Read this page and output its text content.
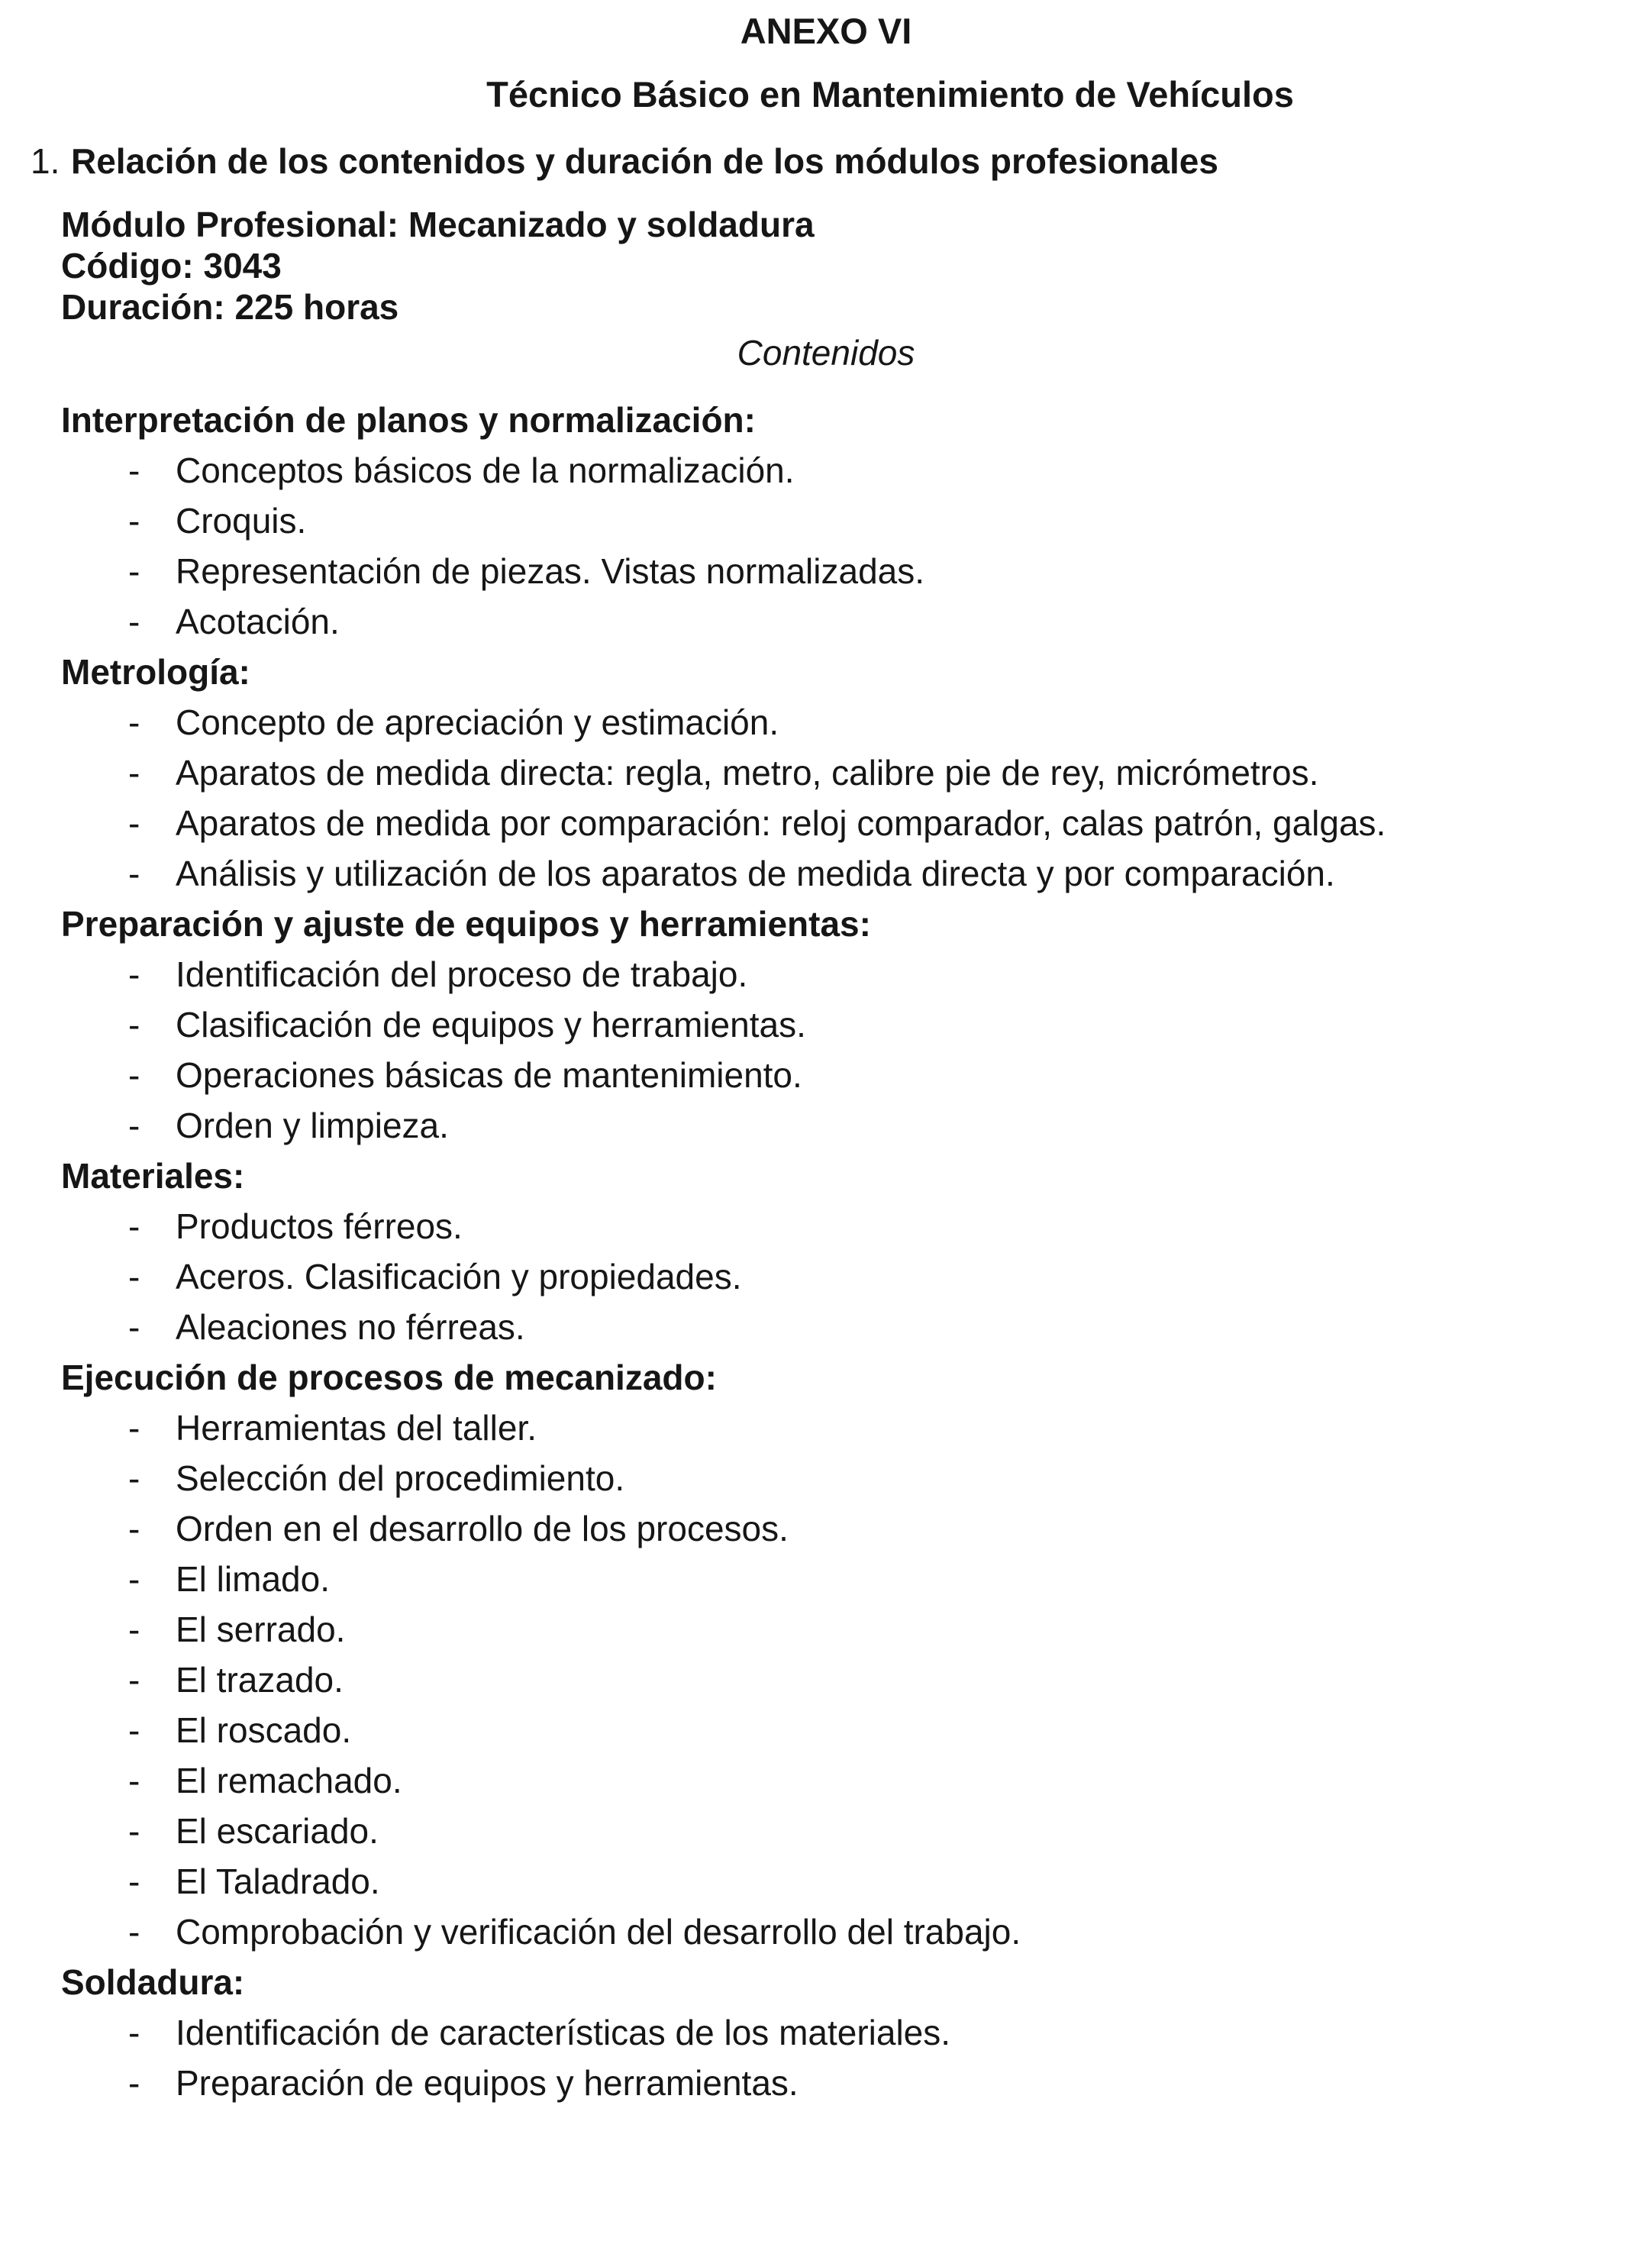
ANEXO VI
Técnico Básico en Mantenimiento de Vehículos
1. Relación de los contenidos y duración de los módulos profesionales

Módulo Profesional: Mecanizado y soldadura

Código: 3043

Duración: 225 horas

Contenidos

Interpretación de planos y normalización:
-	Conceptos básicos de la normalización.
-	Croquis.
-	Representación de piezas. Vistas normalizadas.
-	Acotación.
Metrología:
-	Concepto de apreciación y estimación.
-	Aparatos de medida directa: regla, metro, calibre pie de rey, micrómetros.
-	Aparatos de medida por comparación: reloj comparador, calas patrón, galgas.
-	Análisis y utilización de los aparatos de medida directa y por comparación.
Preparación y ajuste de equipos y herramientas:
-	Identificación del proceso de trabajo.
-	Clasificación de equipos y herramientas.
-	Operaciones básicas de mantenimiento.
-	Orden y limpieza.
Materiales:
-	Productos férreos.
-	Aceros. Clasificación y propiedades.
-	Aleaciones no férreas.
Ejecución de procesos de mecanizado:
-	Herramientas del taller.
-	Selección del procedimiento.
-	Orden en el desarrollo de los procesos.
-	El limado.
-	El serrado.
-	El trazado.
-	El roscado.
-	El remachado.
-	El escariado.
-	El Taladrado.
-	Comprobación y verificación del desarrollo del trabajo.
Soldadura:
-	Identificación de características de los materiales.
-	Preparación de equipos y herramientas.
